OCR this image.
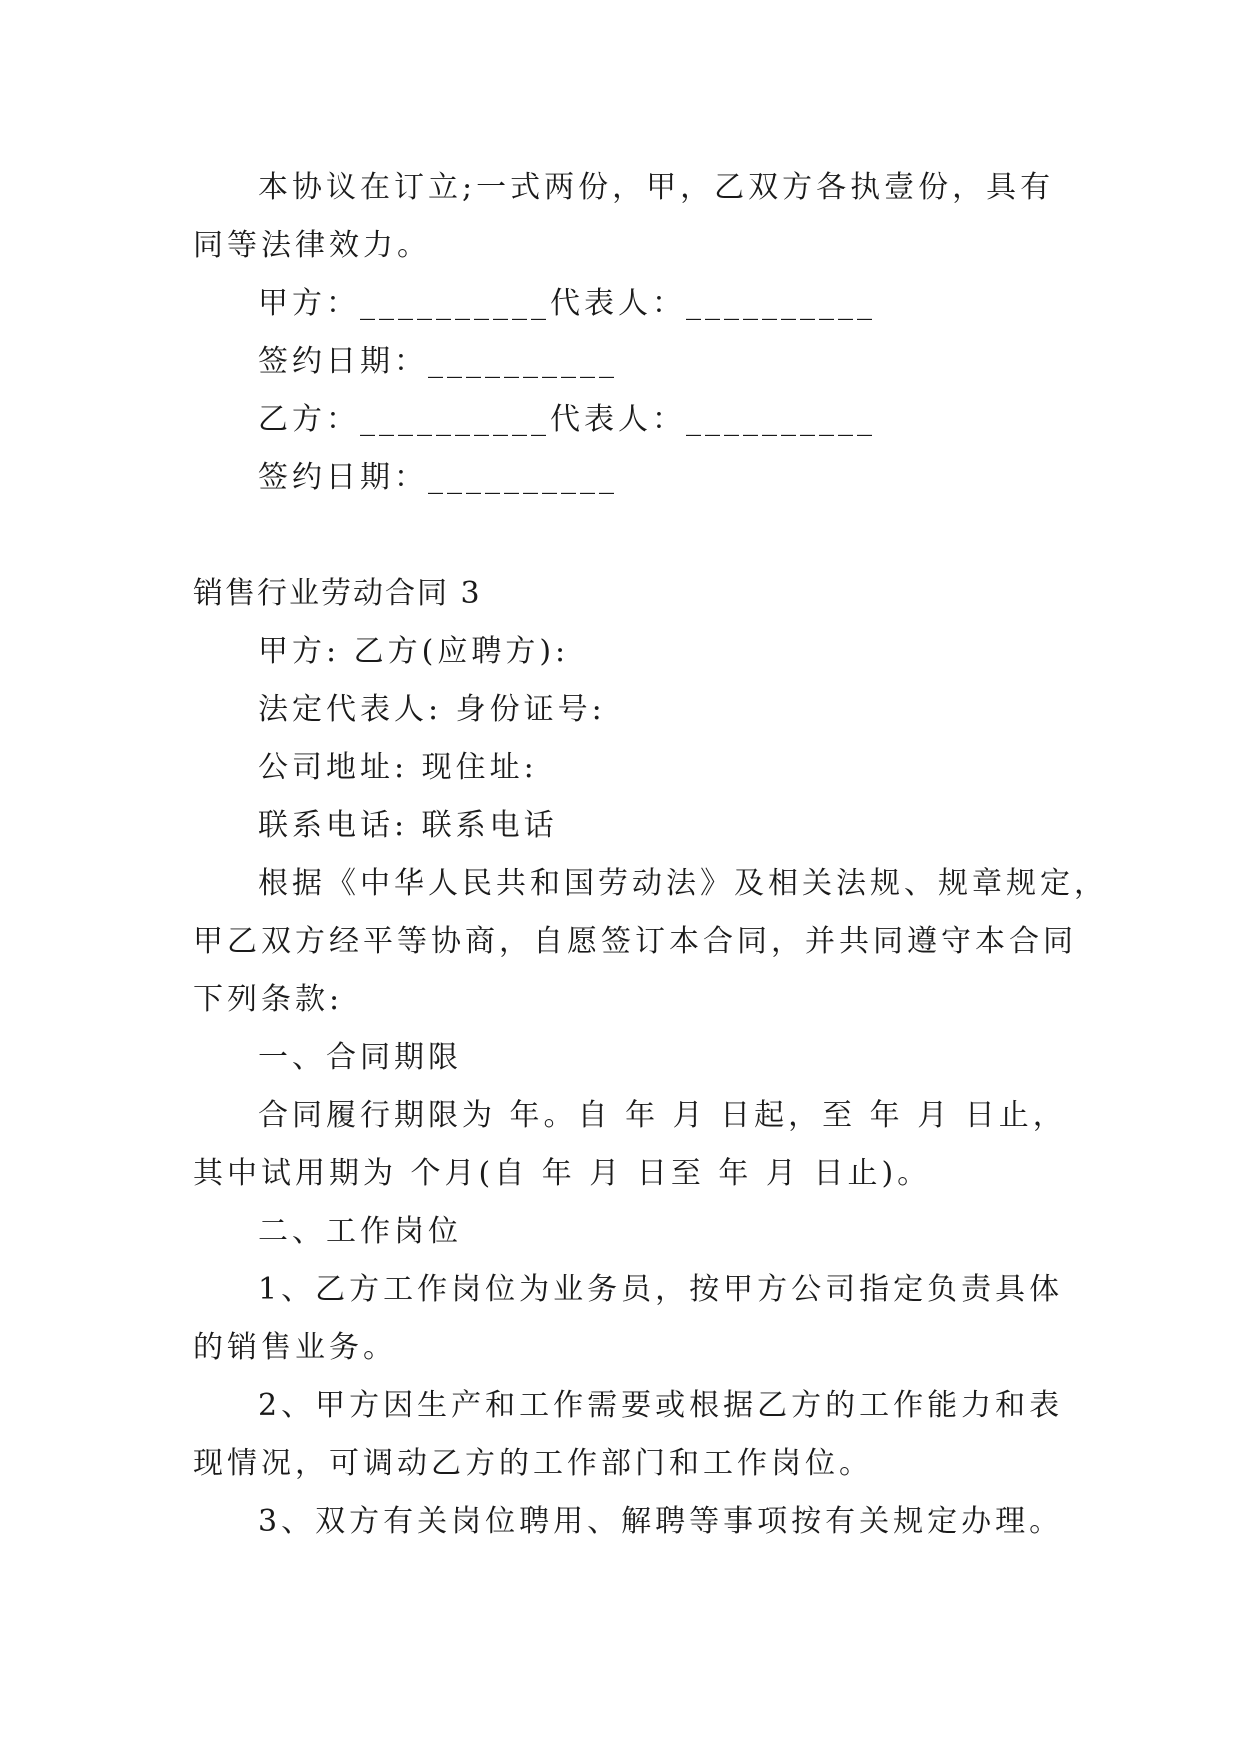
本协议在订立;一式两份，甲，乙双方各执壹份，具有
同等法律效力。
甲方：__________代表人：__________
签约日期：__________
乙方：__________代表人：__________
签约日期：__________
销售行业劳动合同 3
甲方: 乙方(应聘方):
法定代表人: 身份证号:
公司地址: 现住址:
联系电话: 联系电话
根据《中华人民共和国劳动法》及相关法规、规章规定，
甲乙双方经平等协商，自愿签订本合同，并共同遵守本合同
下列条款:
一、合同期限
合同履行期限为 年。自 年 月 日起，至 年 月 日止，
其中试用期为 个月(自 年 月 日至 年 月 日止)。
二、工作岗位
1、乙方工作岗位为业务员，按甲方公司指定负责具体
的销售业务。
2、甲方因生产和工作需要或根据乙方的工作能力和表
现情况，可调动乙方的工作部门和工作岗位。
3、双方有关岗位聘用、解聘等事项按有关规定办理。
